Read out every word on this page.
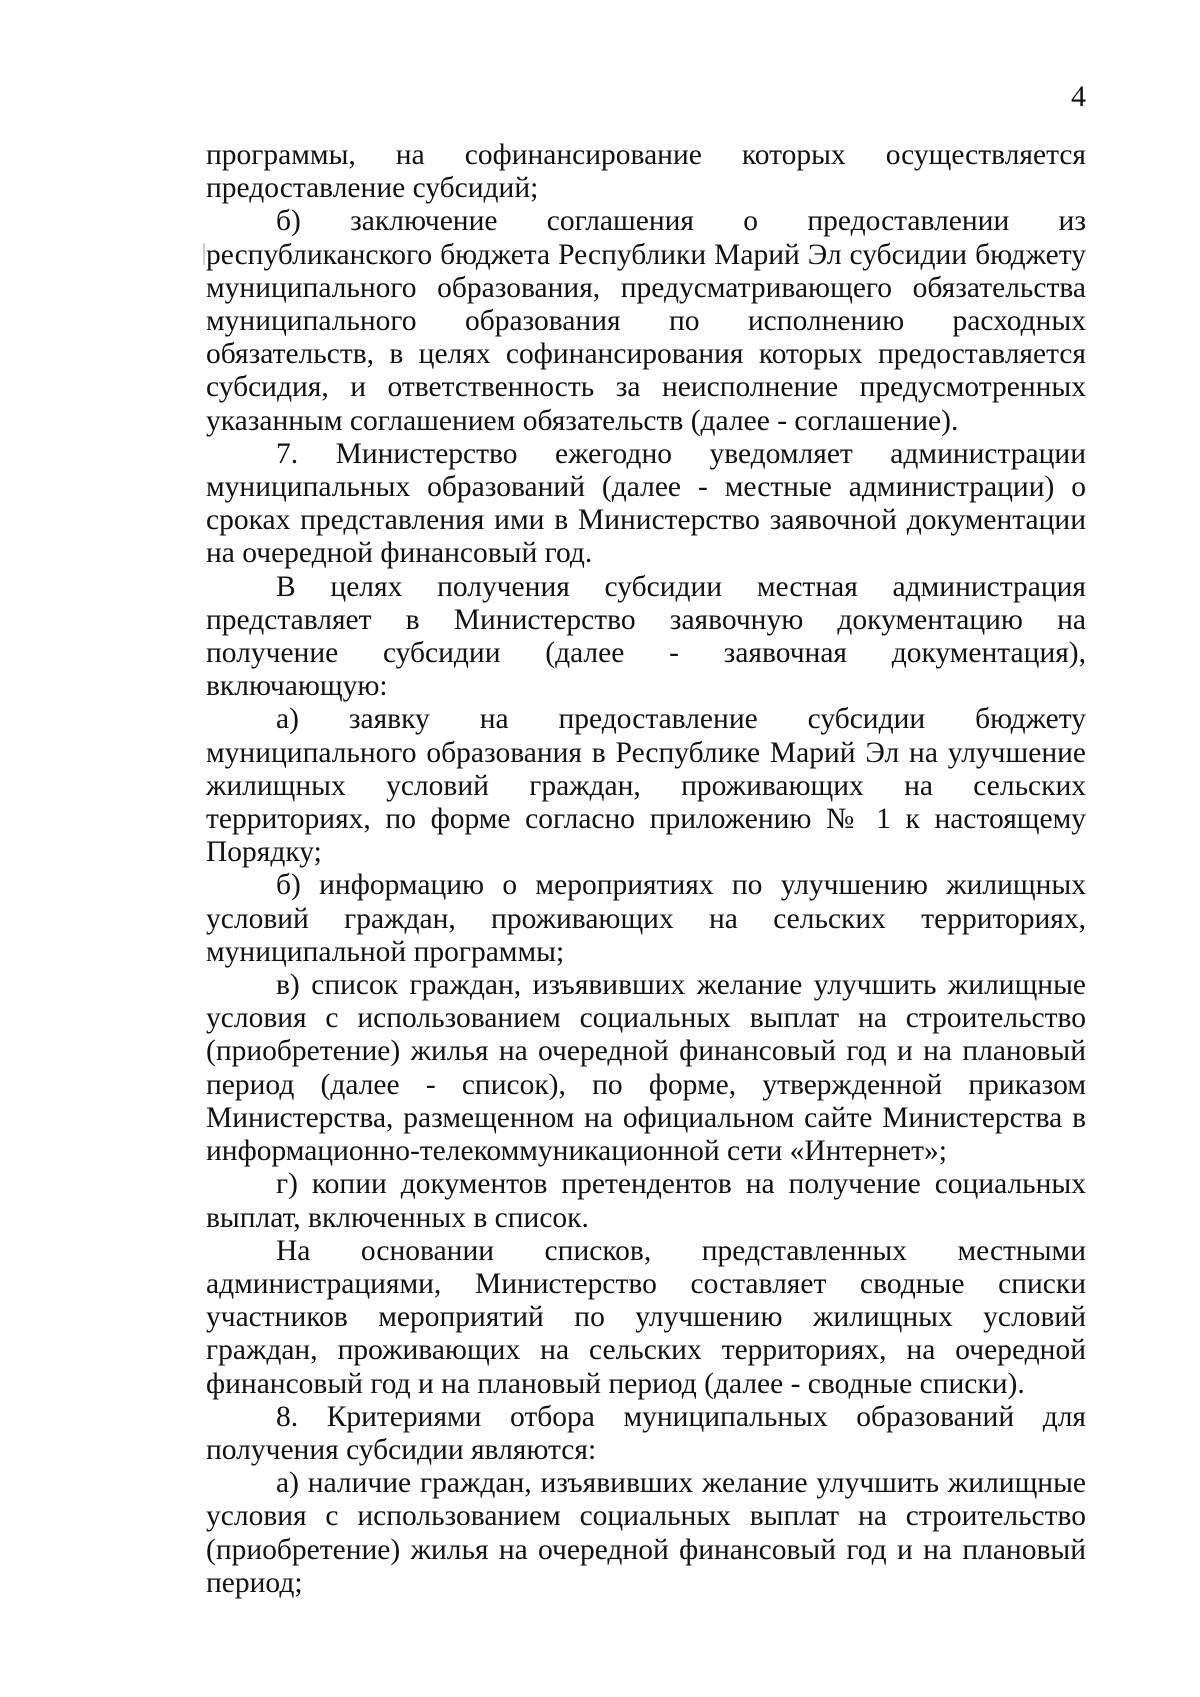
4

программы, на софинансирование которых осуществляется предоставление субсидий;

б) заключение соглашения о предоставлении из республиканского бюджета Республики Марий Эл субсидии бюджету муниципального образования, предусматривающего обязательства муниципального образования по исполнению расходных обязательств, в целях софинансирования которых предоставляется субсидия, и ответственность за неисполнение предусмотренных указанным соглашением обязательств (далее - соглашение).

7. Министерство ежегодно уведомляет администрации муниципальных образований (далее - местные администрации) о сроках представления ими в Министерство заявочной документации на очередной финансовый год.

В целях получения субсидии местная администрация представляет в Министерство заявочную документацию на получение субсидии (далее - заявочная документация), включающую:

а) заявку на предоставление субсидии бюджету муниципального образования в Республике Марий Эл на улучшение жилищных условий граждан, проживающих на сельских территориях, по форме согласно приложению № 1 к настоящему Порядку;

б) информацию о мероприятиях по улучшению жилищных условий граждан, проживающих на сельских территориях, муниципальной программы;

в) список граждан, изъявивших желание улучшить жилищные условия с использованием социальных выплат на строительство (приобретение) жилья на очередной финансовый год и на плановый период (далее - список), по форме, утвержденной приказом Министерства, размещенном на официальном сайте Министерства в информационно-телекоммуникационной сети «Интернет»;

г) копии документов претендентов на получение социальных выплат, включенных в список.

На основании списков, представленных местными администрациями, Министерство составляет сводные списки участников мероприятий по улучшению жилищных условий граждан, проживающих на сельских территориях, на очередной финансовый год и на плановый период (далее - сводные списки).

8. Критериями отбора муниципальных образований для получения субсидии являются:

а) наличие граждан, изъявивших желание улучшить жилищные условия с использованием социальных выплат на строительство (приобретение) жилья на очередной финансовый год и на плановый период;
